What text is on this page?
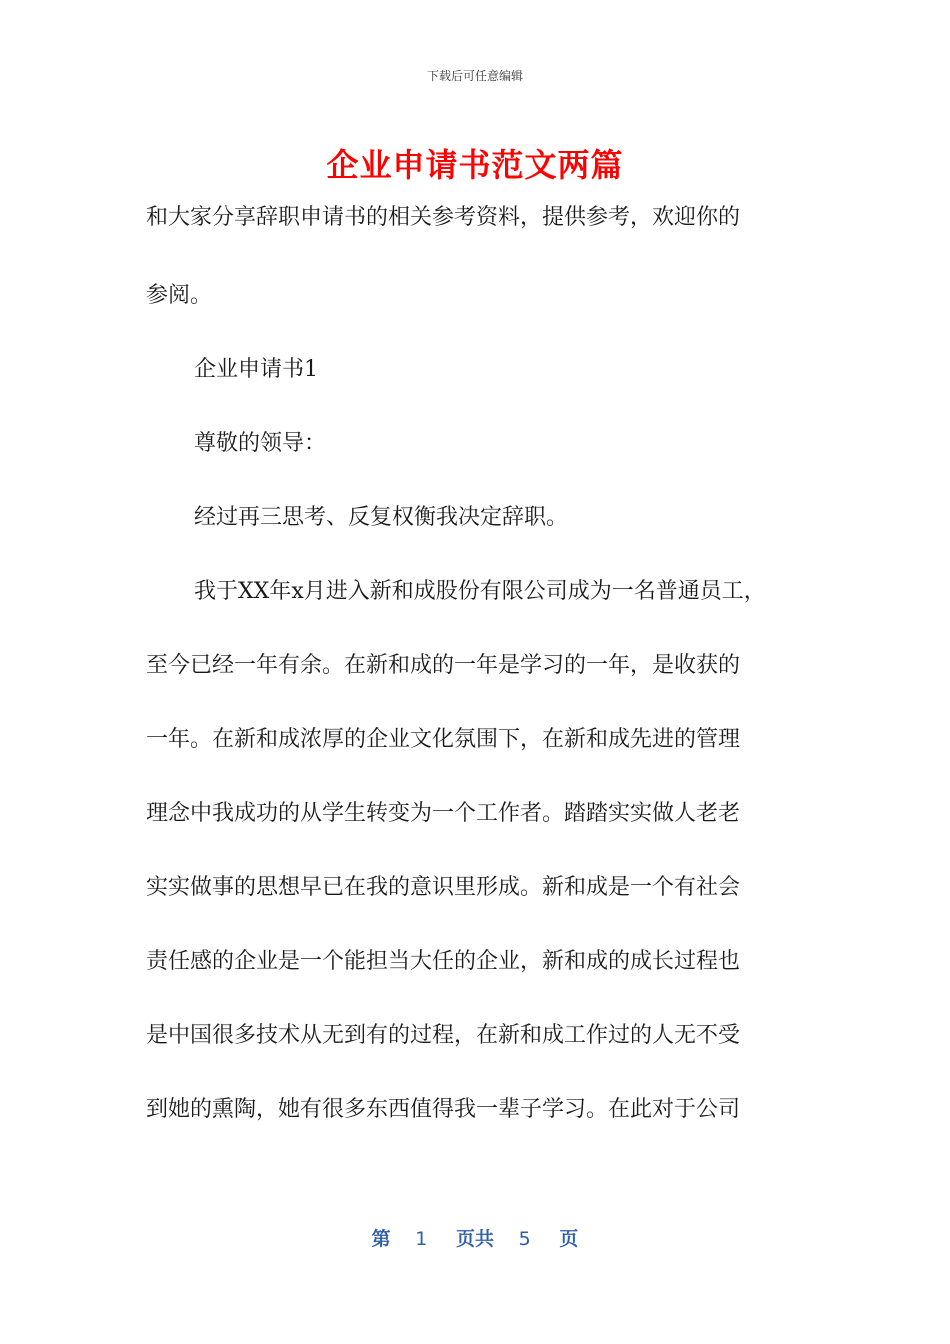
下载后可任意编辑
企业申请书范文两篇
和大家分享辞职申请书的相关参考资料，提供参考，欢迎你的
参阅。
企业申请书1
尊敬的领导：
经过再三思考、反复权衡我决定辞职。
我于XX年x月进入新和成股份有限公司成为一名普通员工，
至今已经一年有余。在新和成的一年是学习的一年，是收获的
一年。在新和成浓厚的企业文化氛围下，在新和成先进的管理
理念中我成功的从学生转变为一个工作者。踏踏实实做人老老
实实做事的思想早已在我的意识里形成。新和成是一个有社会
责任感的企业是一个能担当大任的企业，新和成的成长过程也
是中国很多技术从无到有的过程，在新和成工作过的人无不受
到她的熏陶，她有很多东西值得我一辈子学习。在此对于公司
第 1 页共 5 页
